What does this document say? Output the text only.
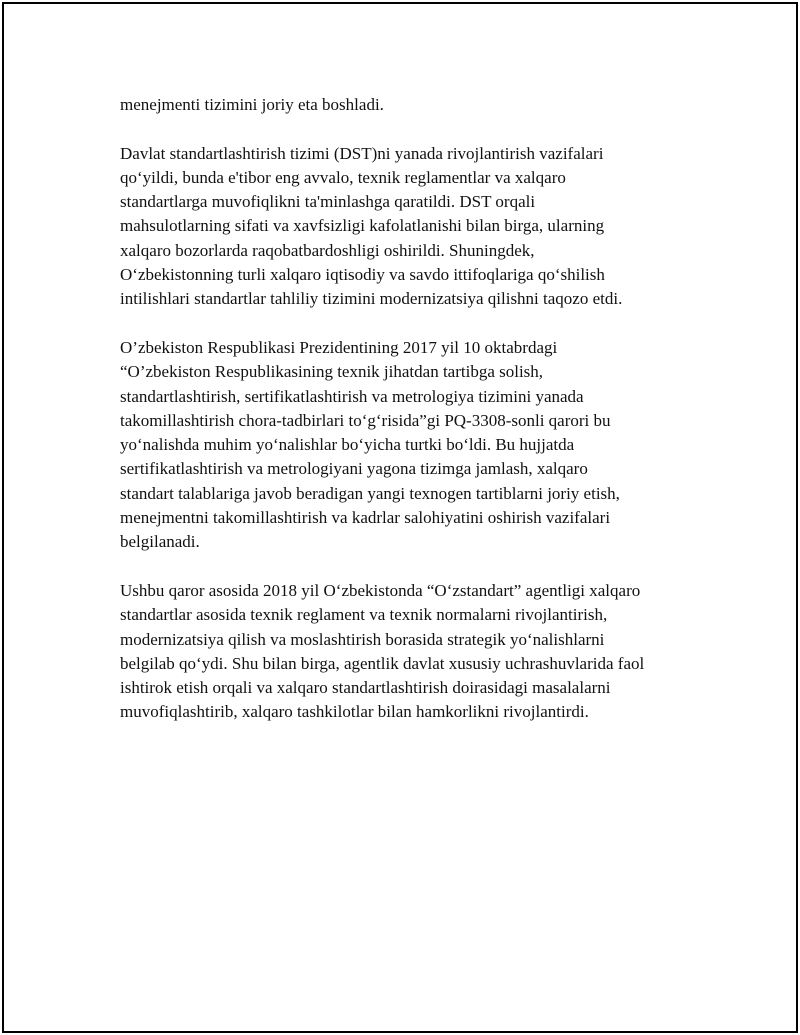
menejmenti tizimini joriy eta boshladi.

Davlat standartlashtirish tizimi (DST)ni yanada rivojlantirish vazifalari
qo‘yildi, bunda e'tibor eng avvalo, texnik reglamentlar va xalqaro
standartlarga muvofiqlikni ta'minlashga qaratildi. DST orqali
mahsulotlarning sifati va xavfsizligi kafolatlanishi bilan birga, ularning
xalqaro bozorlarda raqobatbardoshligi oshirildi. Shuningdek,
O‘zbekistonning turli xalqaro iqtisodiy va savdo ittifoqlariga qo‘shilish
intilishlari standartlar tahliliy tizimini modernizatsiya qilishni taqozo etdi.

O’zbekiston Respublikasi Prezidentining 2017 yil 10 oktabrdagi
“O’zbekiston Respublikasining texnik jihatdan tartibga solish,
standartlashtirish, sertifikatlashtirish va metrologiya tizimini yanada
takomillashtirish chora-tadbirlari to‘g‘risida”gi PQ-3308-sonli qarori bu
yo‘nalishda muhim yo‘nalishlar bo‘yicha turtki bo‘ldi. Bu hujjatda
sertifikatlashtirish va metrologiyani yagona tizimga jamlash, xalqaro
standart talablariga javob beradigan yangi texnogen tartiblarni joriy etish,
menejmentni takomillashtirish va kadrlar salohiyatini oshirish vazifalari
belgilanadi.

Ushbu qaror asosida 2018 yil O‘zbekistonda “O‘zstandart” agentligi xalqaro
standartlar asosida texnik reglament va texnik normalarni rivojlantirish,
modernizatsiya qilish va moslashtirish borasida strategik yo‘nalishlarni
belgilab qo‘ydi. Shu bilan birga, agentlik davlat xususiy uchrashuvlarida faol
ishtirok etish orqali va xalqaro standartlashtirish doirasidagi masalalarni
muvofiqlashtirib, xalqaro tashkilotlar bilan hamkorlikni rivojlantirdi.
